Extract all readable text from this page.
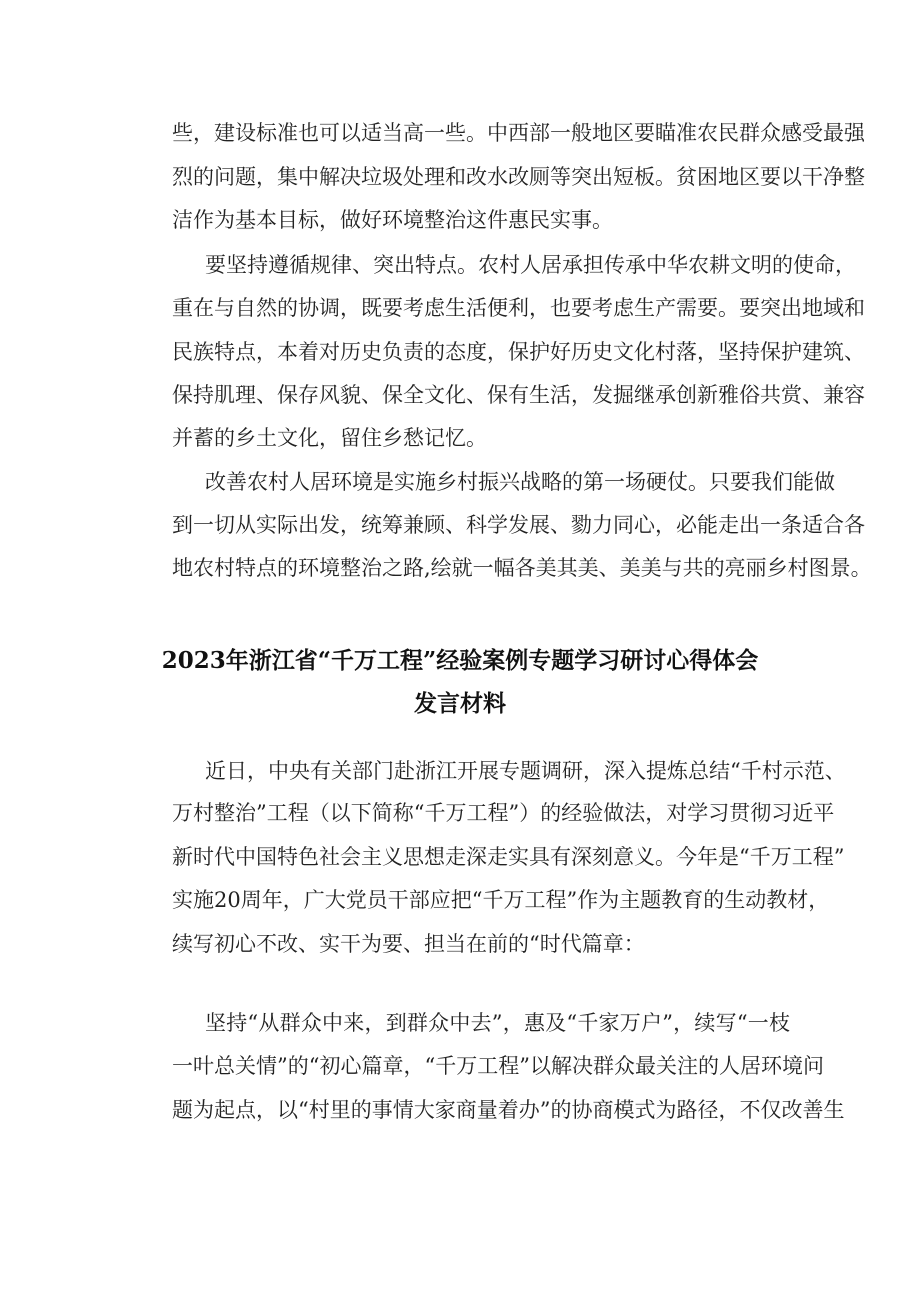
些，建设标准也可以适当高一些。中西部一般地区要瞄准农民群众感受最强
烈的问题，集中解决垃圾处理和改水改厕等突出短板。贫困地区要以干净整
洁作为基本目标，做好环境整治这件惠民实事。
要坚持遵循规律、突出特点。农村人居承担传承中华农耕文明的使命，
重在与自然的协调，既要考虑生活便利，也要考虑生产需要。要突出地域和
民族特点，本着对历史负责的态度，保护好历史文化村落，坚持保护建筑、
保持肌理、保存风貌、保全文化、保有生活，发掘继承创新雅俗共赏、兼容
并蓄的乡土文化，留住乡愁记忆。
改善农村人居环境是实施乡村振兴战略的第一场硬仗。只要我们能做
到一切从实际出发，统筹兼顾、科学发展、勠力同心，必能走出一条适合各
地农村特点的环境整治之路,绘就一幅各美其美、美美与共的亮丽乡村图景。
2023年浙江省“千万工程”经验案例专题学习研讨心得体会
发言材料
近日，中央有关部门赴浙江开展专题调研，深入提炼总结“千村示范、
万村整治”工程（以下简称“千万工程”）的经验做法，对学习贯彻习近平
新时代中国特色社会主义思想走深走实具有深刻意义。今年是“千万工程”
实施20周年，广大党员干部应把“千万工程”作为主题教育的生动教材，
续写初心不改、实干为要、担当在前的“时代篇章：
坚持“从群众中来，到群众中去”，惠及“千家万户”，续写“一枝
一叶总关情”的“初心篇章，“千万工程”以解决群众最关注的人居环境问
题为起点，以“村里的事情大家商量着办”的协商模式为路径，不仅改善生
